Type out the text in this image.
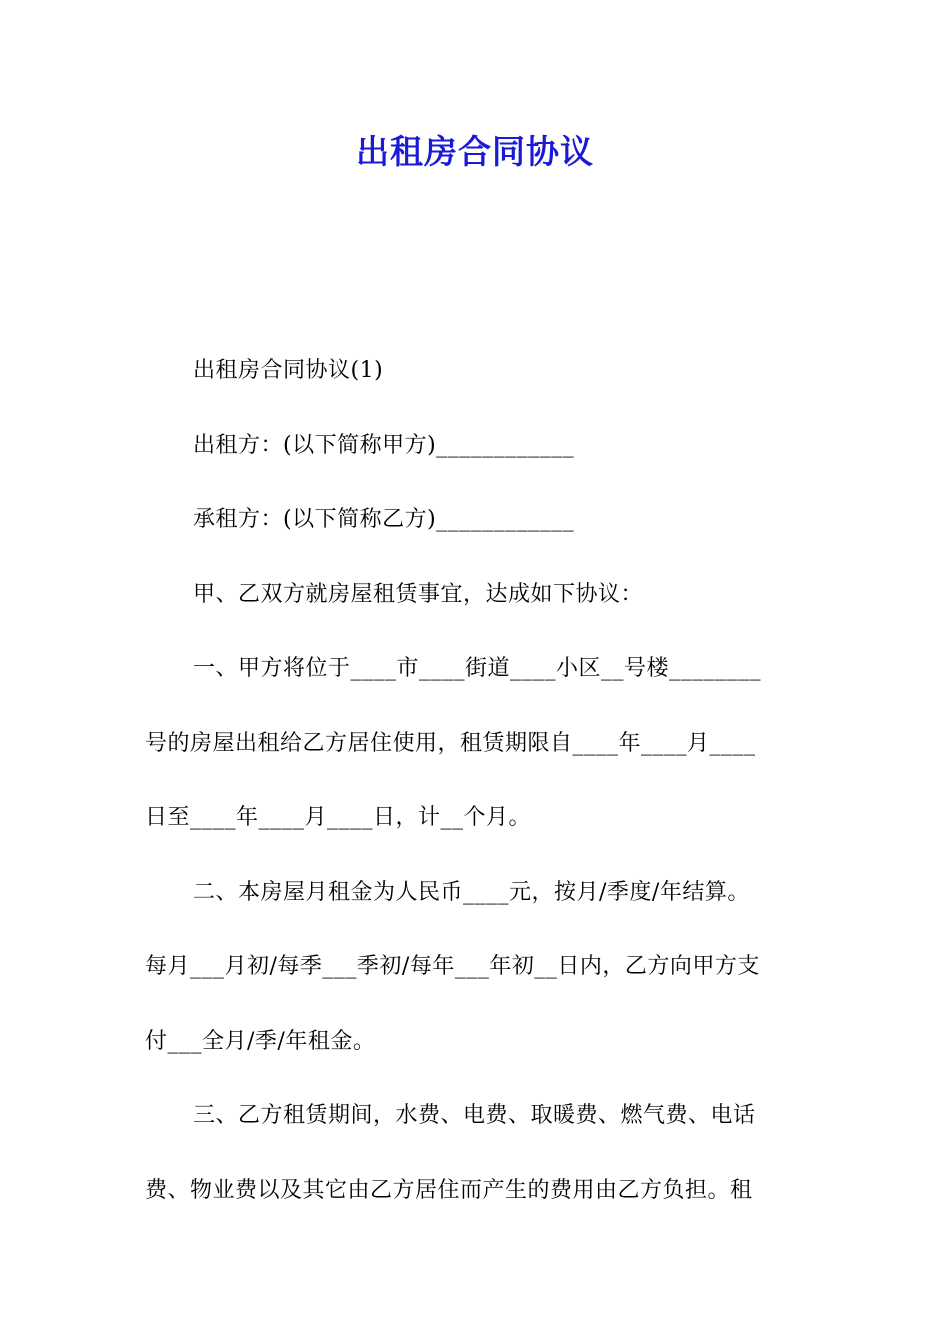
出租房合同协议

出租房合同协议(1)

出租方：(以下简称甲方)____________

承租方：(以下简称乙方)____________

甲、乙双方就房屋租赁事宜，达成如下协议：

一、甲方将位于____市____街道____小区__号楼________
号的房屋出租给乙方居住使用，租赁期限自____年____月____
日至____年____月____日，计__个月。

二、本房屋月租金为人民币____元，按月/季度/年结算。
每月___月初/每季___季初/每年___年初__日内，乙方向甲方支
付___全月/季/年租金。

三、乙方租赁期间，水费、电费、取暖费、燃气费、电话
费、物业费以及其它由乙方居住而产生的费用由乙方负担。租
